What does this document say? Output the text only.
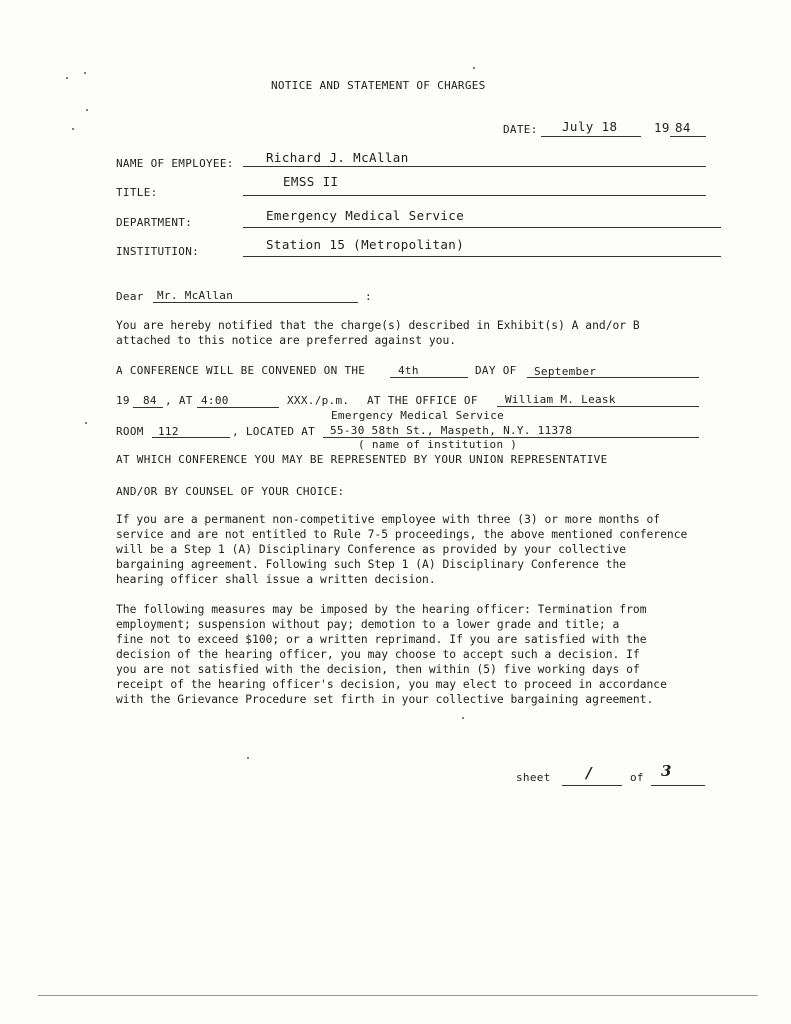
NOTICE AND STATEMENT OF CHARGES
DATE: July 18	19 84
NAME OF EMPLOYEE:	Richard J. McAllan
TITLE:
EMSS II
DEPARTMENT:	Emergency Medical Service
INSTITUTION:	Station 15 (Metropolitan)
Dear Mr. McAllan	:
You are hereby notified that the charge(s) described in Exhibit(s) A and/or B
attached to this notice are preferred against you.
A CONFERENCE WILL BE CONVENED ON THE	4th	DAY OF September
19 84 , AT 4:00	XXX./p.m. AT THE OFFICE OF William M. Leask
Emergency Medical Service
ROOM 112	, LOCATED AT 55-30 58th St., Maspeth, N.Y. 11378
( name of institution )
AT WHICH CONFERENCE YOU MAY BE REPRESENTED BY YOUR UNION REPRESENTATIVE
AND/OR BY COUNSEL OF YOUR CHOICE:
If you are a permanent non-competitive employee with three (3) or more months of
service and are not entitled to Rule 7-5 proceedings, the above mentioned conference
will be a Step 1 (A) Disciplinary Conference as provided by your collective
bargaining agreement. Following such Step 1 (A) Disciplinary Conference the
hearing officer shall issue a written decision.
The following measures may be imposed by the hearing officer: Termination from
employment; suspension without pay; demotion to a lower grade and title; a
fine not to exceed $100; or a written reprimand. If you are satisfied with the
decision of the hearing officer, you may choose to accept such a decision. If
you are not satisfied with the decision, then within (5) five working days of
receipt of the hearing officer's decision, you may elect to proceed in accordance
with the Grievance Procedure set firth in your collective bargaining agreement.
sheet /	of 3
